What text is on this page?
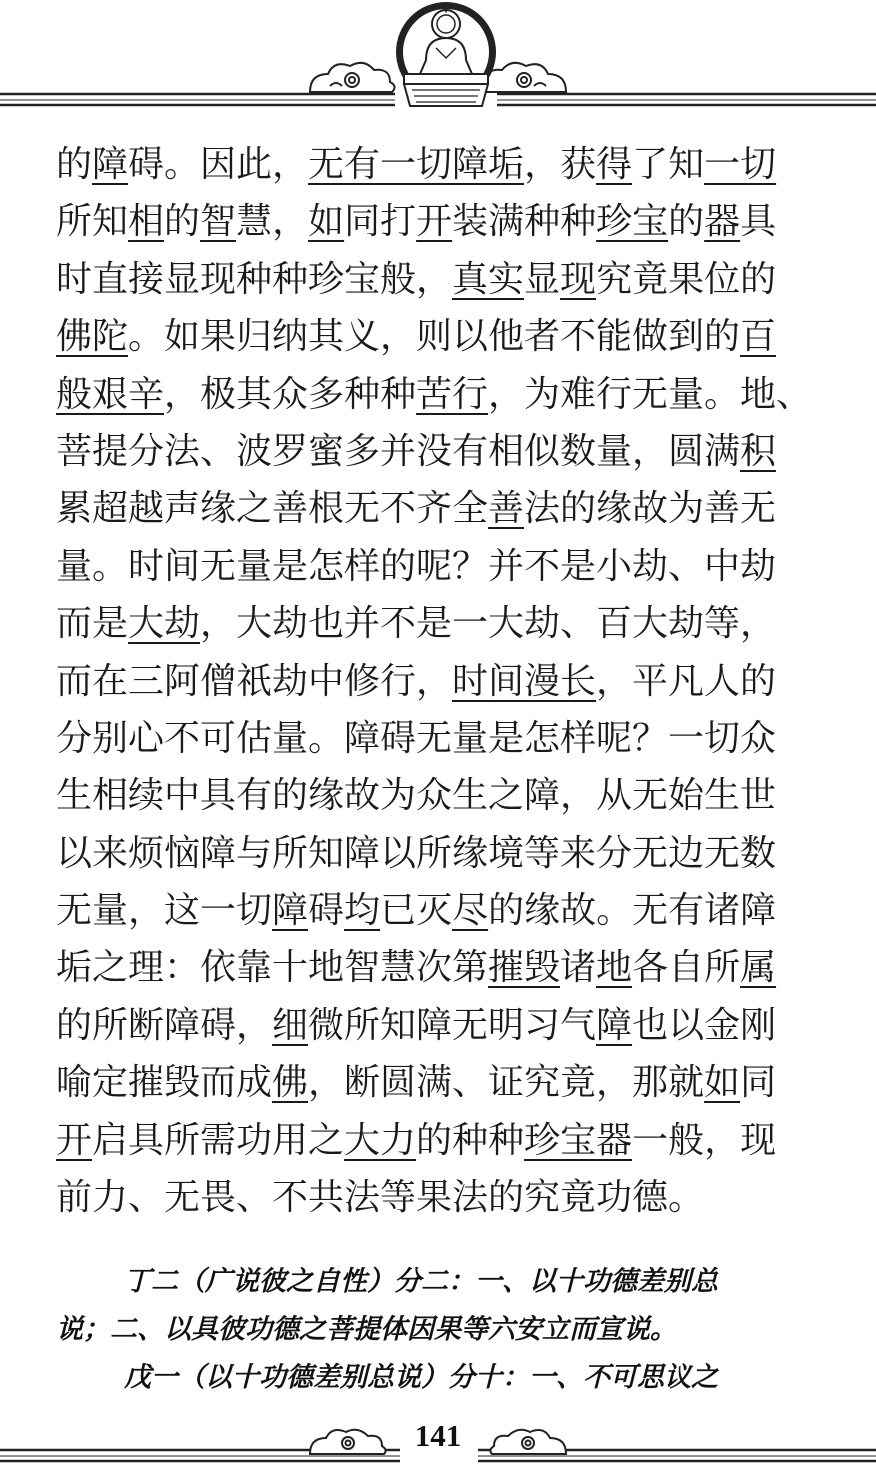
的障碍。因此，无有一切障垢，获得了知一切
所知相的智慧，如同打开装满种种珍宝的器具
时直接显现种种珍宝般，真实显现究竟果位的
佛陀。如果归纳其义，则以他者不能做到的百
般艰辛，极其众多种种苦行，为难行无量。地、
菩提分法、波罗蜜多并没有相似数量，圆满积
累超越声缘之善根无不齐全善法的缘故为善无
量。时间无量是怎样的呢？并不是小劫、中劫
而是大劫，大劫也并不是一大劫、百大劫等，
而在三阿僧祇劫中修行，时间漫长，平凡人的
分别心不可估量。障碍无量是怎样呢？一切众
生相续中具有的缘故为众生之障，从无始生世
以来烦恼障与所知障以所缘境等来分无边无数
无量，这一切障碍均已灭尽的缘故。无有诸障
垢之理：依靠十地智慧次第摧毁诸地各自所属
的所断障碍，细微所知障无明习气障也以金刚
喻定摧毁而成佛，断圆满、证究竟，那就如同
开启具所需功用之大力的种种珍宝器一般，现
前力、无畏、不共法等果法的究竟功德。
丁二（广说彼之自性）分二：一、以十功德差别总
说；二、以具彼功德之菩提体因果等六安立而宣说。
戊一（以十功德差别总说）分十：一、不可思议之
141
